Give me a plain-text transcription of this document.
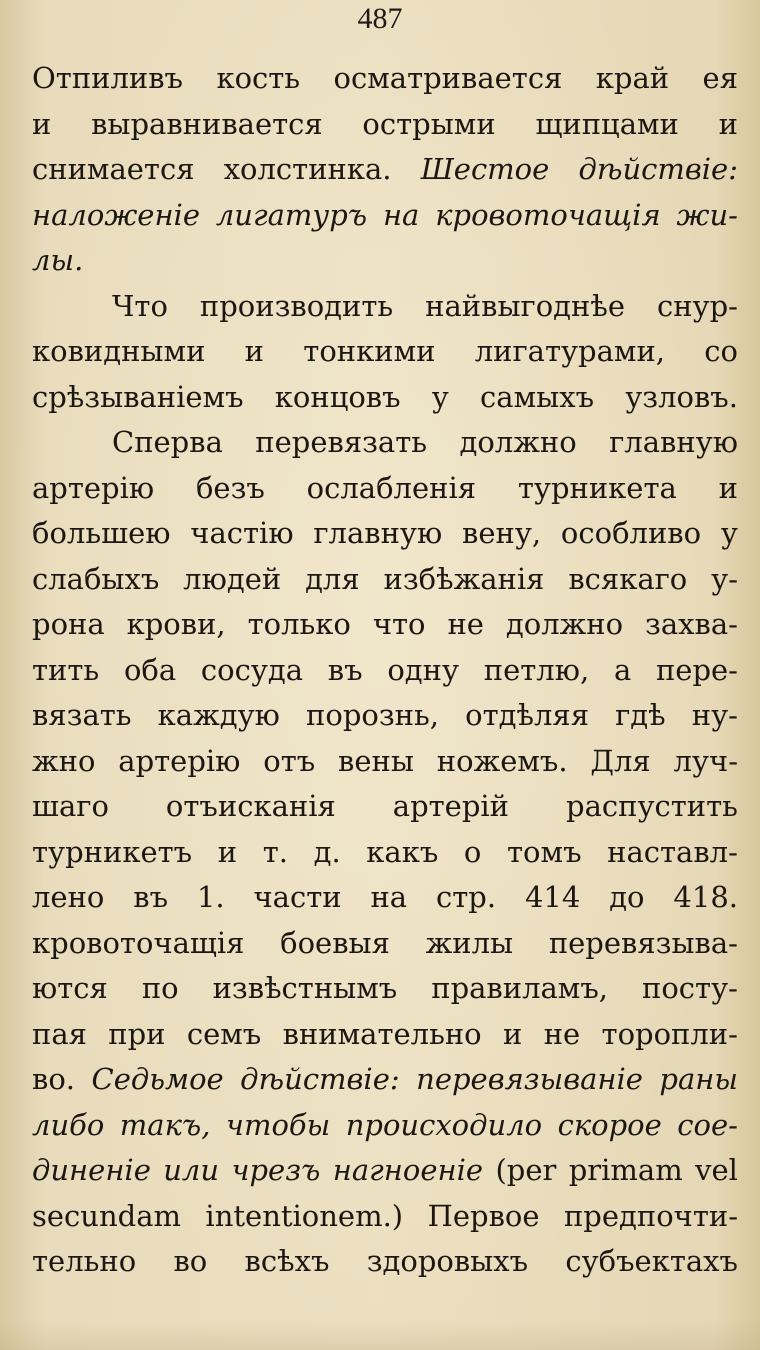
487
Отпиливъ кость осматривается край ея
и выравнивается острыми щипцами и
снимается холстинка. Шестое дѣйствіе:
наложеніе лигатуръ на кровоточащія жи-
лы.
Что производить найвыгоднѣе снур-
ковидными и тонкими лигатурами, со
срѣзываніемъ концовъ у самыхъ узловъ.
Сперва перевязать должно главную
артерію безъ ослабленія турникета и
большею частію главную вену, особливо у
слабыхъ людей для избѣжанія всякаго у-
рона крови, только что не должно захва-
тить оба сосуда въ одну петлю, а пере-
вязать каждую порознь, отдѣляя гдѣ ну-
жно артерію отъ вены ножемъ. Для луч-
шаго отъисканія артерій распустить
турникетъ и т. д. какъ о томъ наставл-
лено въ 1. части на стр. 414 до 418.
кровоточащія боевыя жилы перевязыва-
ются по извѣстнымъ правиламъ, посту-
пая при семъ внимательно и не торопли-
во. Седьмое дѣйствіе: перевязываніе раны
либо такъ, чтобы происходило скорое сое-
диненіе или чрезъ нагноеніе (per primam vel
secundam intentionem.) Первое предпочти-
тельно во всѣхъ здоровыхъ субъектахъ
